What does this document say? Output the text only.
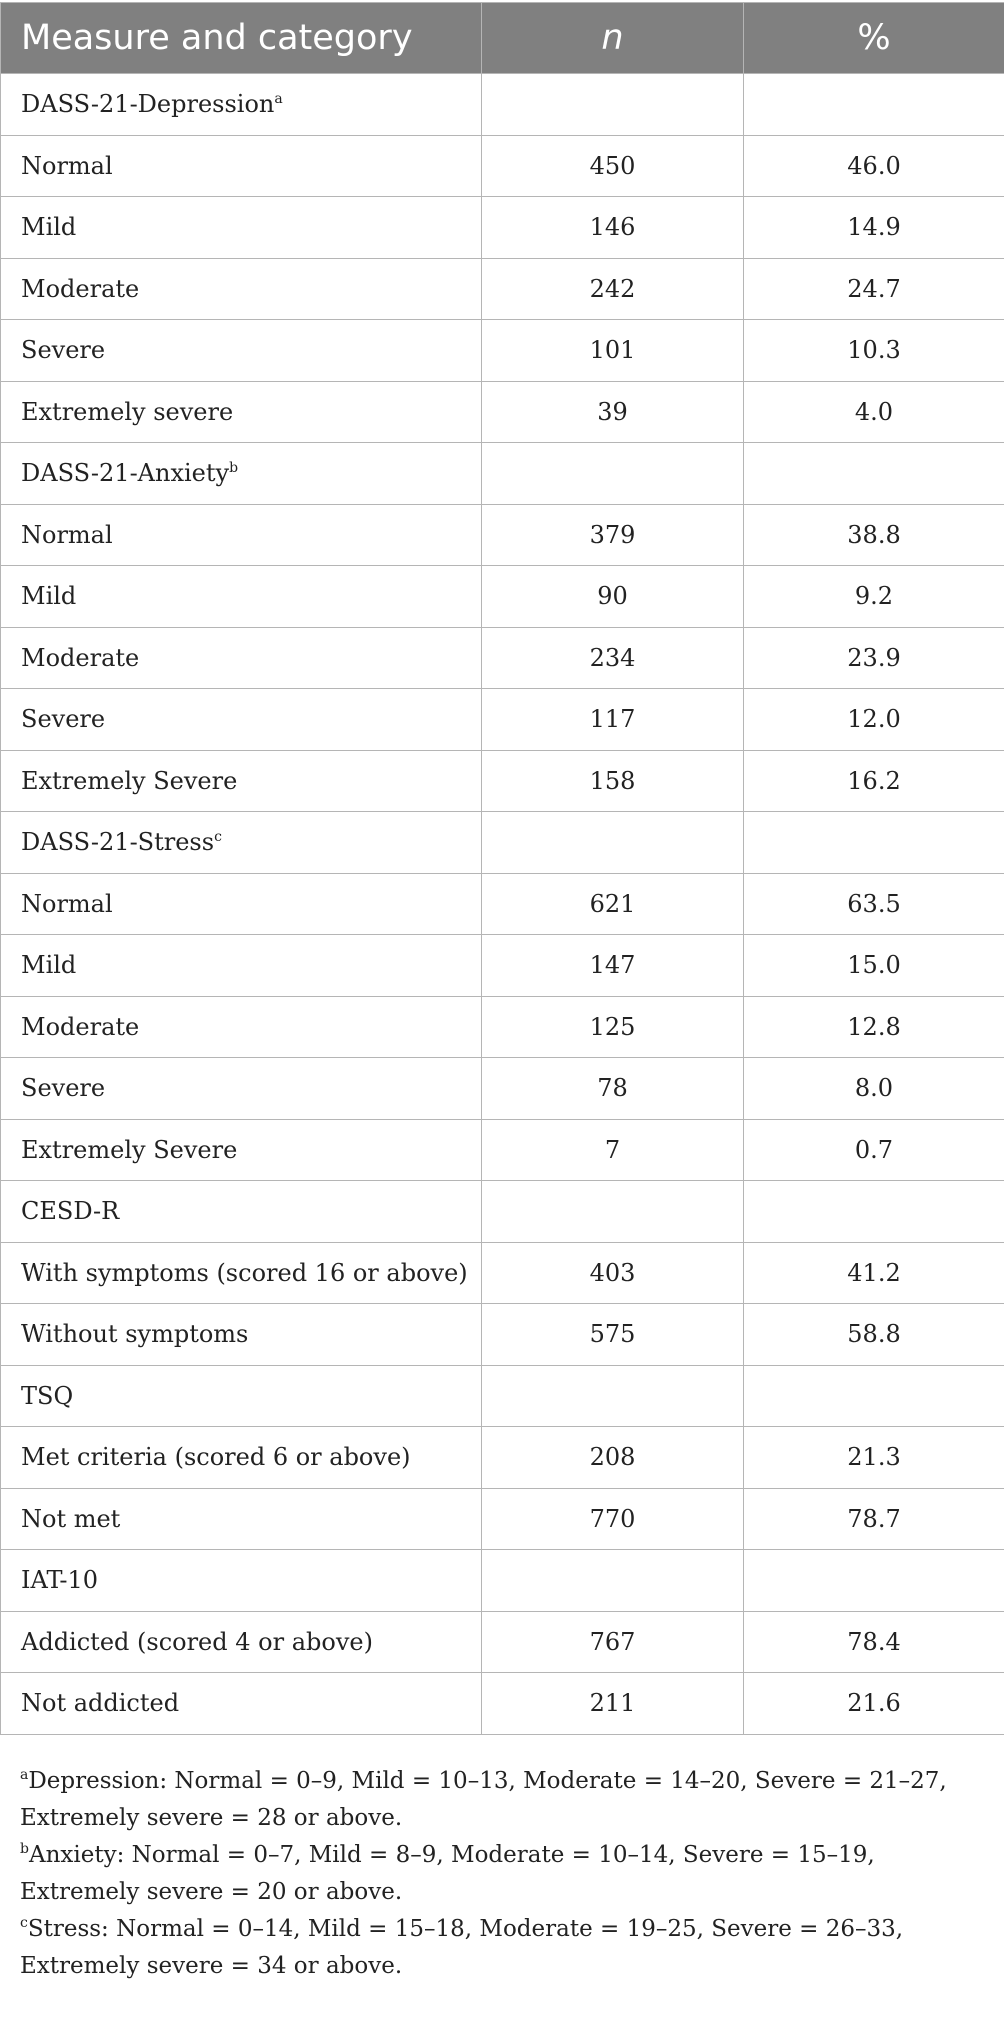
Measure and category	n	%
DASS-21-Depression$^a$		
Normal	450	46.0
Mild	146	14.9
Moderate	242	24.7
Severe	101	10.3
Extremely severe	39	4.0
DASS-21-Anxiety$^b$		
Normal	379	38.8
Mild	90	9.2
Moderate	234	23.9
Severe	117	12.0
Extremely Severe	158	16.2
DASS-21-Stress$^c$		
Normal	621	63.5
Mild	147	15.0
Moderate	125	12.8
Severe	78	8.0
Extremely Severe	7	0.7
CESD-R		
With symptoms (scored 16 or above)	403	41.2
Without symptoms	575	58.8
TSQ		
Met criteria (scored 6 or above)	208	21.3
Not met	770	78.7
IAT-10		
Addicted (scored 4 or above)	767	78.4
Not addicted	211	21.6

$^a$Depression: Normal = 0–9, Mild = 10–13, Moderate = 14–20, Severe = 21–27, Extremely severe = 28 or above.

$^b$Anxiety: Normal = 0–7, Mild = 8–9, Moderate = 10–14, Severe = 15–19, Extremely severe = 20 or above.

$^c$Stress: Normal = 0–14, Mild = 15–18, Moderate = 19–25, Severe = 26–33, Extremely severe = 34 or above.
